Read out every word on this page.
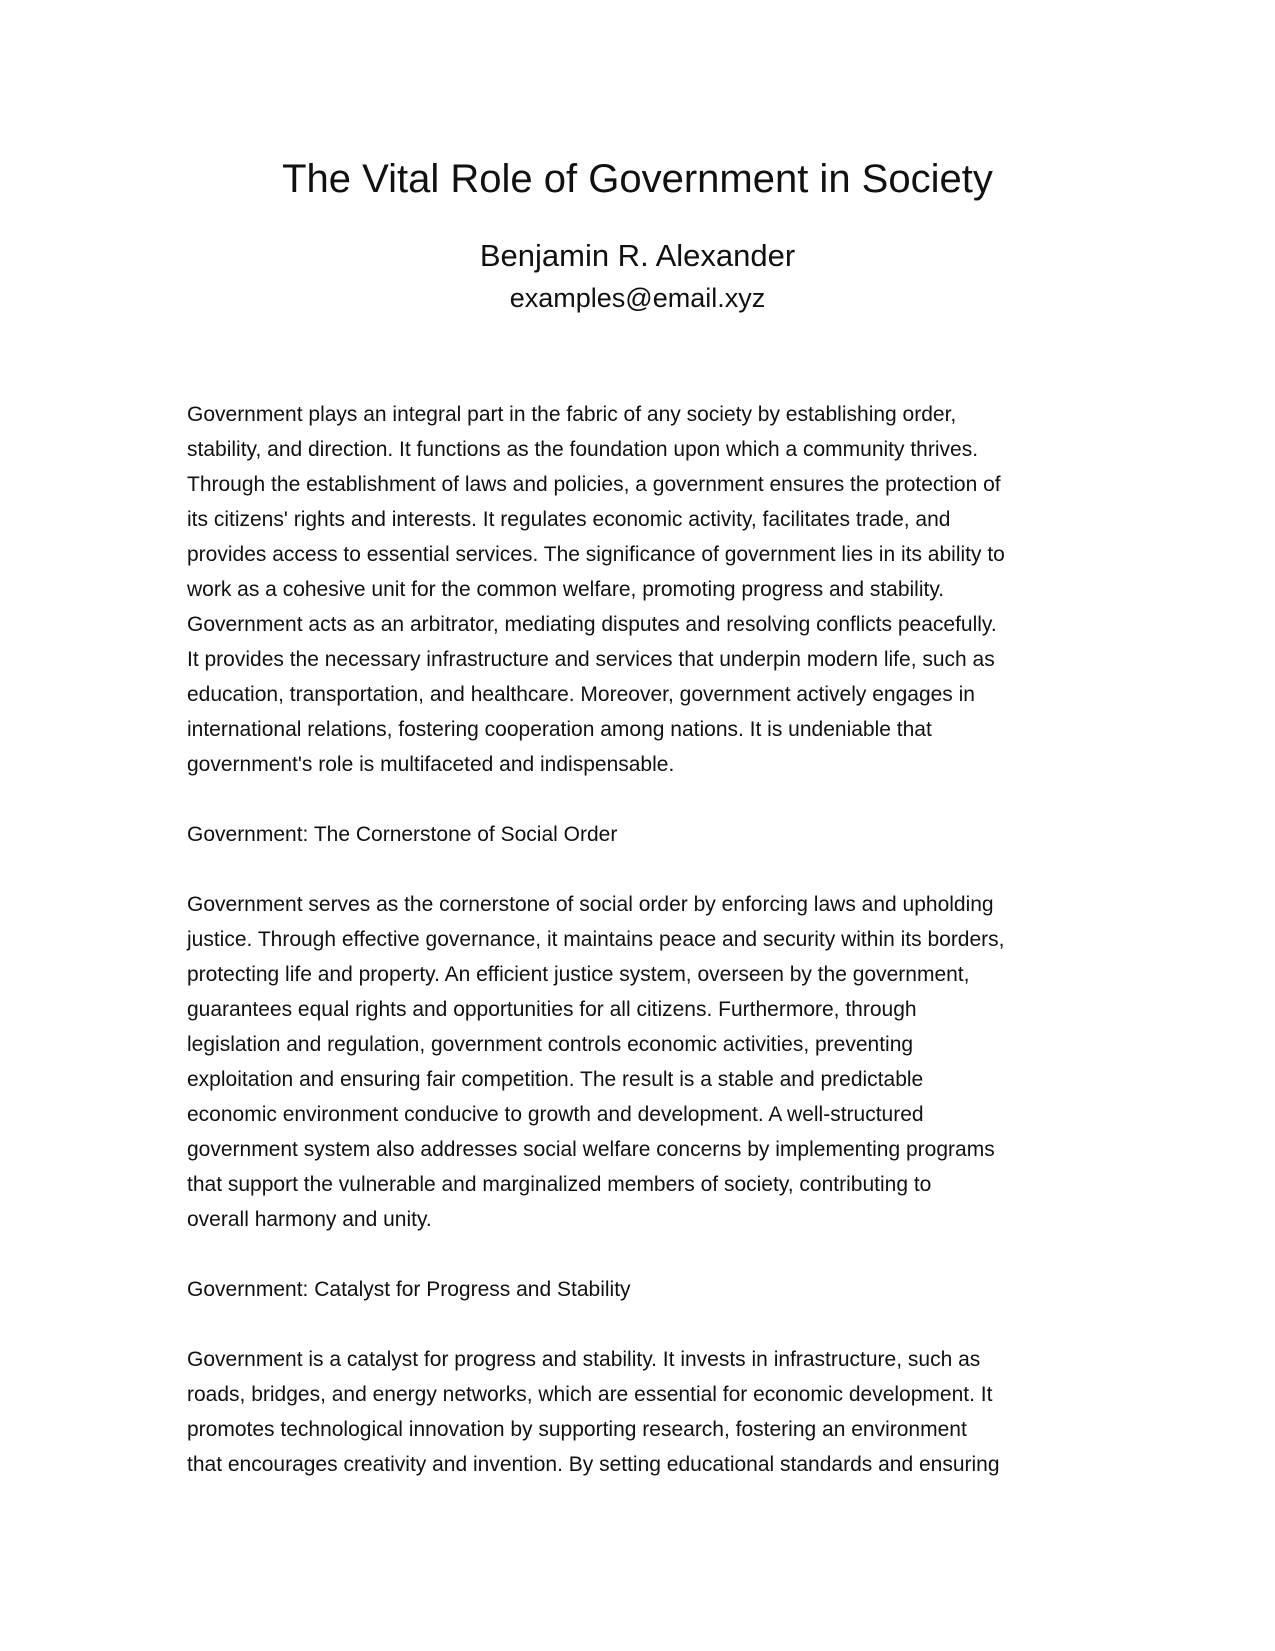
The Vital Role of Government in Society

Benjamin R. Alexander

examples@email.xyz

Government plays an integral part in the fabric of any society by establishing order,
stability, and direction. It functions as the foundation upon which a community thrives.
Through the establishment of laws and policies, a government ensures the protection of
its citizens' rights and interests. It regulates economic activity, facilitates trade, and
provides access to essential services. The significance of government lies in its ability to
work as a cohesive unit for the common welfare, promoting progress and stability.
Government acts as an arbitrator, mediating disputes and resolving conflicts peacefully.
It provides the necessary infrastructure and services that underpin modern life, such as
education, transportation, and healthcare. Moreover, government actively engages in
international relations, fostering cooperation among nations. It is undeniable that
government's role is multifaceted and indispensable.
Government: The Cornerstone of Social Order
Government serves as the cornerstone of social order by enforcing laws and upholding
justice. Through effective governance, it maintains peace and security within its borders,
protecting life and property. An efficient justice system, overseen by the government,
guarantees equal rights and opportunities for all citizens. Furthermore, through
legislation and regulation, government controls economic activities, preventing
exploitation and ensuring fair competition. The result is a stable and predictable
economic environment conducive to growth and development. A well-structured
government system also addresses social welfare concerns by implementing programs
that support the vulnerable and marginalized members of society, contributing to
overall harmony and unity.
Government: Catalyst for Progress and Stability
Government is a catalyst for progress and stability. It invests in infrastructure, such as
roads, bridges, and energy networks, which are essential for economic development. It
promotes technological innovation by supporting research, fostering an environment
that encourages creativity and invention. By setting educational standards and ensuring
